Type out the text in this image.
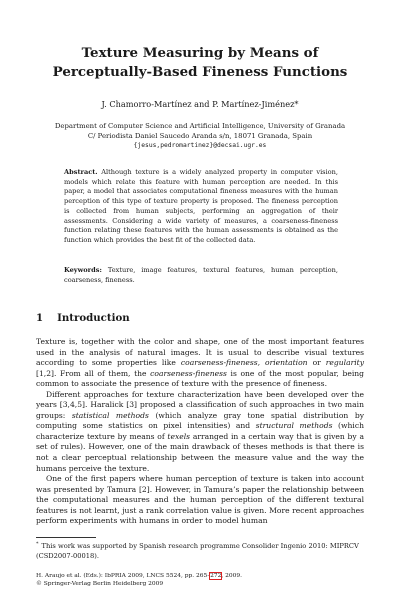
Texture Measuring by Means of
Perceptually-Based Fineness Functions
J. Chamorro-Martínez and P. Martínez-Jiménez*
Department of Computer Science and Artificial Intelligence, University of Granada
C/ Periodista Daniel Saucedo Aranda s/n, 18071 Granada, Spain
{jesus,pedromartinez}@decsai.ugr.es
Abstract. Although texture is a widely analyzed property in computer vision, models which relate this feature with human perception are needed. In this paper, a model that associates computational fineness measures with the human perception of this type of texture property is proposed. The fineness perception is collected from human subjects, performing an aggregation of their assessments. Considering a wide variety of measures, a coarseness-fineness function relating these features with the human assessments is obtained as the function which provides the best fit of the collected data.
Keywords: Texture, image features, textural features, human perception, coarseness, fineness.
1 Introduction

Texture is, together with the color and shape, one of the most important features used in the analysis of natural images. It is usual to describe visual textures according to some properties like coarseness-fineness, orientation or regularity [1,2]. From all of them, the coarseness-fineness is one of the most popular, being common to associate the presence of texture with the presence of fineness.

Different approaches for texture characterization have been developed over the years [3,4,5]. Haralick [3] proposed a classification of such approaches in two main groups: statistical methods (which analyze gray tone spatial distribution by computing some statistics on pixel intensities) and structural methods (which characterize texture by means of texels arranged in a certain way that is given by a set of rules). However, one of the main drawback of theses methods is that there is not a clear perceptual relationship between the measure value and the way the humans perceive the texture.

One of the first papers where human perception of texture is taken into account was presented by Tamura [2]. However, in Tamura’s paper the relationship between the computational measures and the human perception of the different textural features is not learnt, just a rank correlation value is given. More recent approaches perform experiments with humans in order to model human

* This work was supported by Spanish research programme Consolider Ingenio 2010: MIPRCV (CSD2007-00018).
H. Araujo et al. (Eds.): IbPRIA 2009, LNCS 5524, pp. 265–272, 2009.
© Springer-Verlag Berlin Heidelberg 2009
